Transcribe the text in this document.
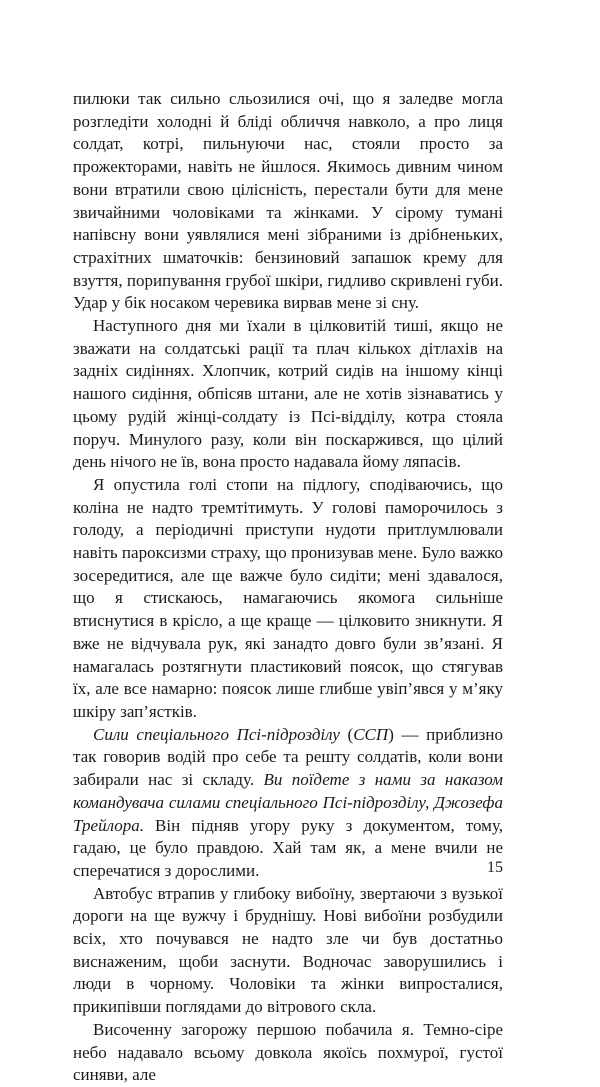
пилюки так сильно сльозилися очі, що я заледве могла розгледіти холодні й бліді обличчя навколо, а про лиця солдат, котрі, пильнуючи нас, стояли просто за прожекторами, навіть не йшлося. Якимось дивним чином вони втратили свою цілісність, перестали бути для мене звичайними чоловіками та жінками. У сірому тумані напівсну вони уявлялися мені зібраними із дрібненьких, страхітних шматочків: бензиновий запашок крему для взуття, порипування грубої шкіри, гидливо скривлені губи. Удар у бік носаком черевика вирвав мене зі сну.

Наступного дня ми їхали в цілковитій тиші, якщо не зважати на солдатські рації та плач кількох дітлахів на задніх сидіннях. Хлопчик, котрий сидів на іншому кінці нашого сидіння, обпісяв штани, але не хотів зізнаватись у цьому рудій жінці-солдату із Псі-відділу, котра стояла поруч. Минулого разу, коли він поскаржився, що цілий день нічого не їв, вона просто надавала йому ляпасів.

Я опустила голі стопи на підлогу, сподіваючись, що коліна не надто тремтітимуть. У голові паморочилось з голоду, а періодичні приступи нудоти притлумлювали навіть пароксизми страху, що пронизував мене. Було важко зосередитися, але ще важче було сидіти; мені здавалося, що я стискаюсь, намагаючись якомога сильніше втиснутися в крісло, а ще краще — цілковито зникнути. Я вже не відчувала рук, які занадто довго були зв’язані. Я намагалась розтягнути пластиковий поясок, що стягував їх, але все намарно: поясок лише глибше увіп’явся у м’яку шкіру зап’ястків.

Сили спеціального Псі-підрозділу (ССП) — приблизно так говорив водій про себе та решту солдатів, коли вони забирали нас зі складу. Ви поїдете з нами за наказом командувача силами спеціального Псі-підрозділу, Джозефа Трейлора. Він підняв угору руку з документом, тому, гадаю, це було правдою. Хай там як, а мене вчили не сперечатися з дорослими.

Автобус втрапив у глибоку вибоїну, звертаючи з вузької дороги на ще вужчу і бруднішу. Нові вибоїни розбудили всіх, хто почувався не надто зле чи був достатньо виснаженим, щоби заснути. Водночас заворушились і люди в чорному. Чоловіки та жінки випросталися, прикипівши поглядами до вітрового скла.

Височенну загорожу першою побачила я. Темно-сіре небо надавало всьому довкола якоїсь похмурої, густої синяви, але

15
